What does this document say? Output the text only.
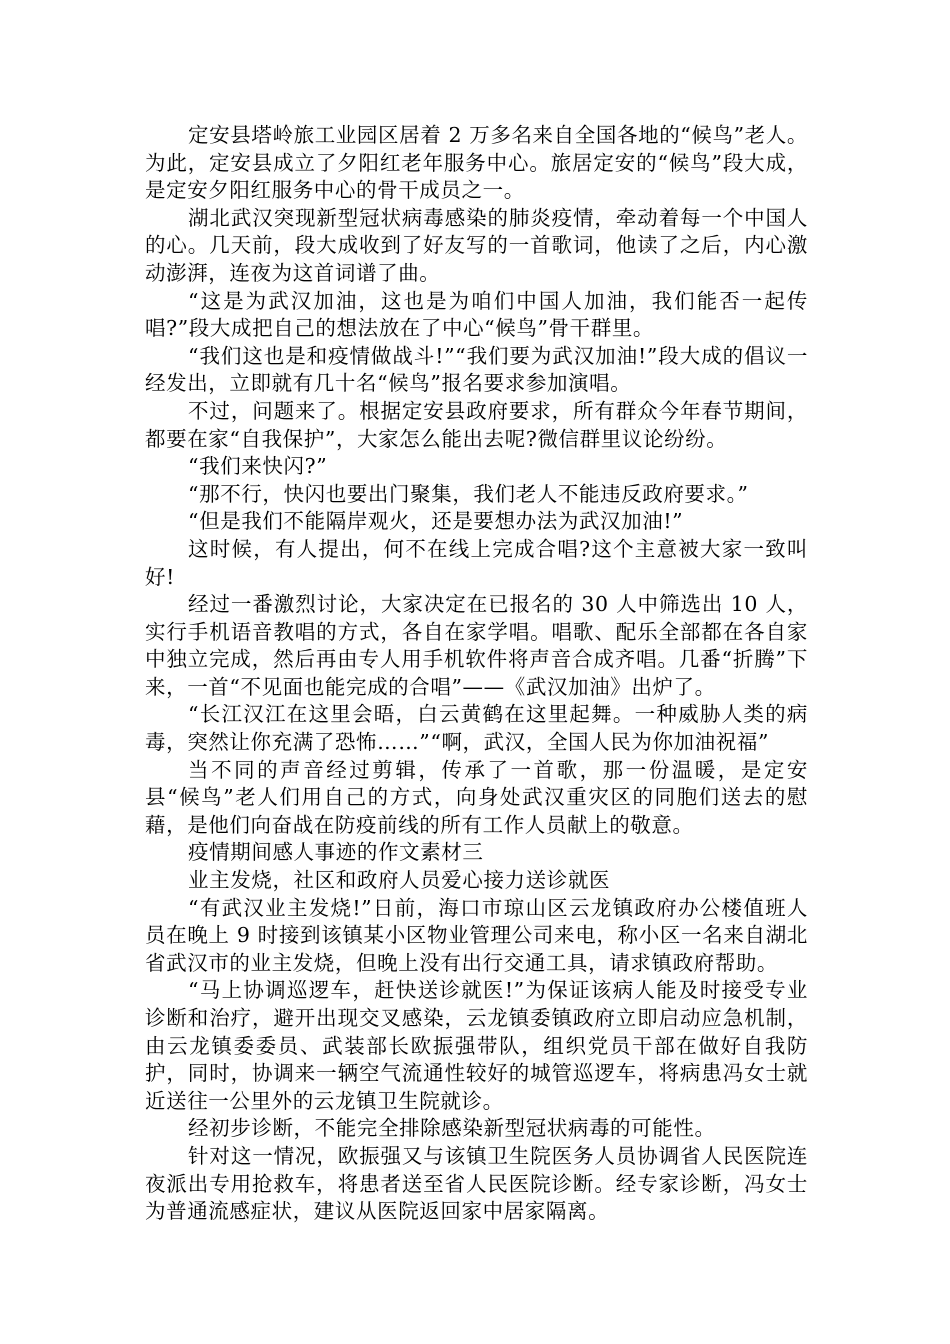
定安县塔岭旅工业园区居着 2 万多名来自全国各地的“候鸟”老人。为此，定安县成立了夕阳红老年服务中心。旅居定安的“候鸟”段大成，是定安夕阳红服务中心的骨干成员之一。

湖北武汉突现新型冠状病毒感染的肺炎疫情，牵动着每一个中国人的心。几天前，段大成收到了好友写的一首歌词，他读了之后，内心激动澎湃，连夜为这首词谱了曲。

“这是为武汉加油，这也是为咱们中国人加油，我们能否一起传唱?”段大成把自己的想法放在了中心“候鸟”骨干群里。

“我们这也是和疫情做战斗!”“我们要为武汉加油!”段大成的倡议一经发出，立即就有几十名“候鸟”报名要求参加演唱。

不过，问题来了。根据定安县政府要求，所有群众今年春节期间，都要在家“自我保护”，大家怎么能出去呢?微信群里议论纷纷。

“我们来快闪?”

“那不行，快闪也要出门聚集，我们老人不能违反政府要求。”

“但是我们不能隔岸观火，还是要想办法为武汉加油!”

这时候，有人提出，何不在线上完成合唱?这个主意被大家一致叫好!

经过一番激烈讨论，大家决定在已报名的 30 人中筛选出 10 人，实行手机语音教唱的方式，各自在家学唱。唱歌、配乐全部都在各自家中独立完成，然后再由专人用手机软件将声音合成齐唱。几番“折腾”下来，一首“不见面也能完成的合唱”——《武汉加油》出炉了。

“长江汉江在这里会晤，白云黄鹤在这里起舞。一种威胁人类的病毒，突然让你充满了恐怖……”“啊，武汉，全国人民为你加油祝福”

当不同的声音经过剪辑，传承了一首歌，那一份温暖，是定安县“候鸟”老人们用自己的方式，向身处武汉重灾区的同胞们送去的慰藉，是他们向奋战在防疫前线的所有工作人员献上的敬意。

疫情期间感人事迹的作文素材三

业主发烧，社区和政府人员爱心接力送诊就医

“有武汉业主发烧!”日前，海口市琼山区云龙镇政府办公楼值班人员在晚上 9 时接到该镇某小区物业管理公司来电，称小区一名来自湖北省武汉市的业主发烧，但晚上没有出行交通工具，请求镇政府帮助。

“马上协调巡逻车，赶快送诊就医!”为保证该病人能及时接受专业诊断和治疗，避开出现交叉感染，云龙镇委镇政府立即启动应急机制，由云龙镇委委员、武装部长欧振强带队，组织党员干部在做好自我防护，同时，协调来一辆空气流通性较好的城管巡逻车，将病患冯女士就近送往一公里外的云龙镇卫生院就诊。

经初步诊断，不能完全排除感染新型冠状病毒的可能性。

针对这一情况，欧振强又与该镇卫生院医务人员协调省人民医院连夜派出专用抢救车，将患者送至省人民医院诊断。经专家诊断，冯女士为普通流感症状，建议从医院返回家中居家隔离。
